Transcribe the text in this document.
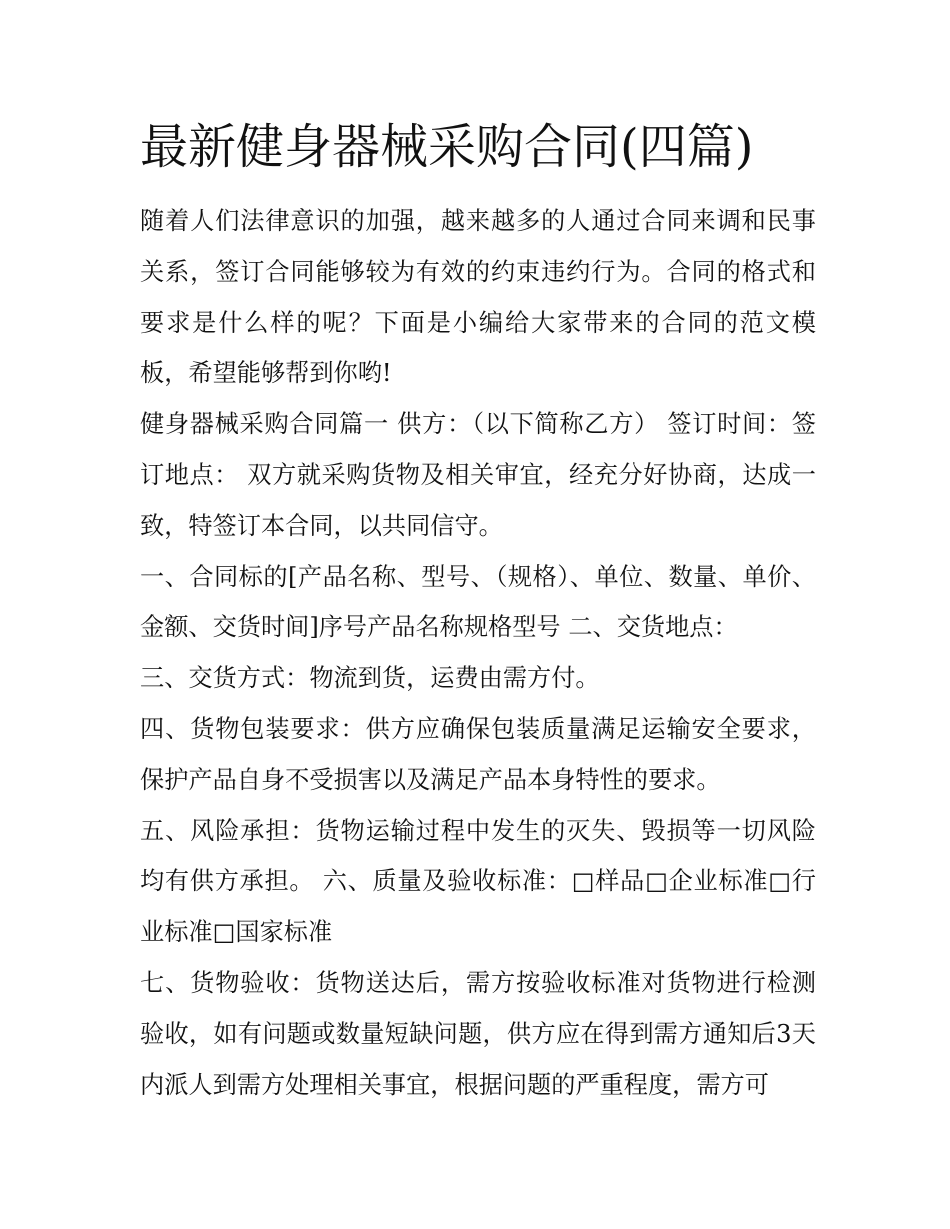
最新健身器械采购合同(四篇)

随着人们法律意识的加强，越来越多的人通过合同来调和民事关系，签订合同能够较为有效的约束违约行为。合同的格式和要求是什么样的呢？下面是小编给大家带来的合同的范文模板，希望能够帮到你哟!

健身器械采购合同篇一 供方：（以下简称乙方） 签订时间：签订地点： 双方就采购货物及相关审宜，经充分好协商，达成一致，特签订本合同，以共同信守。

一、合同标的[产品名称、型号、（规格）、单位、数量、单价、金额、交货时间]序号产品名称规格型号 二、交货地点：

三、交货方式：物流到货，运费由需方付。

四、货物包装要求：供方应确保包装质量满足运输安全要求，保护产品自身不受损害以及满足产品本身特性的要求。

五、风险承担：货物运输过程中发生的灭失、毁损等一切风险均有供方承担。 六、质量及验收标准：□样品□企业标准□行业标准□国家标准

七、货物验收：货物送达后，需方按验收标准对货物进行检测验收，如有问题或数量短缺问题，供方应在得到需方通知后3天内派人到需方处理相关事宜，根据问题的严重程度，需方可
